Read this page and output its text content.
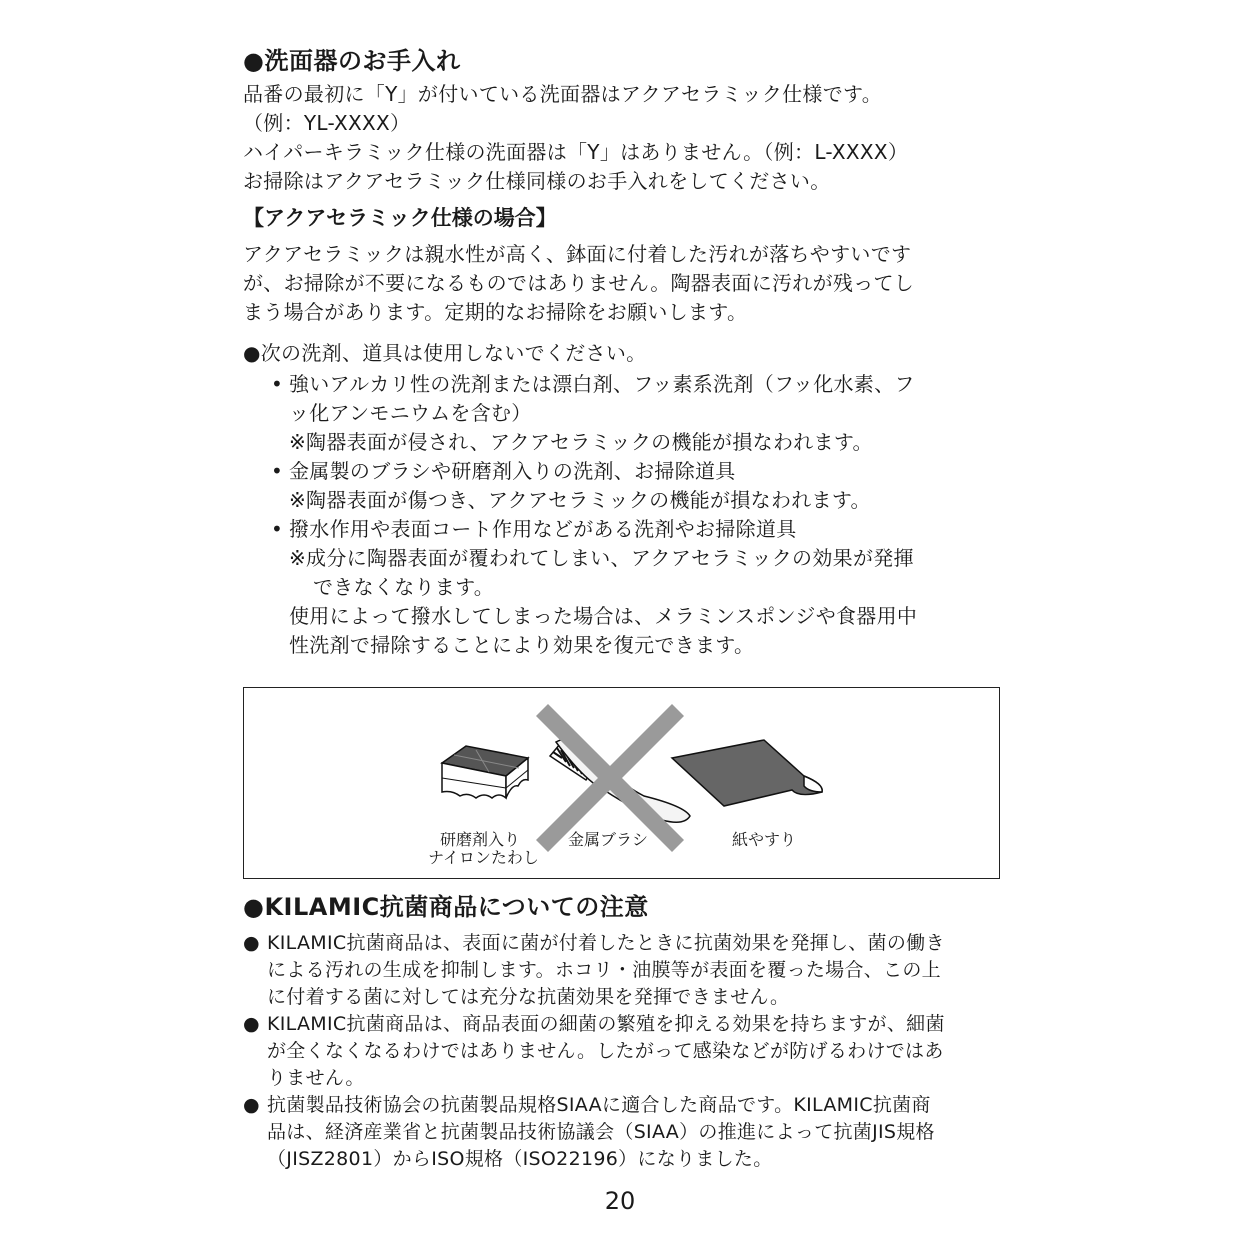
●洗面器のお手入れ
品番の最初に「Y」が付いている洗面器はアクアセラミック仕様です。
（例：YL-XXXX）
ハイパーキラミック仕様の洗面器は「Y」はありません。（例：L-XXXX）
お掃除はアクアセラミック仕様同様のお手入れをしてください。
【アクアセラミック仕様の場合】
アクアセラミックは親水性が高く、鉢面に付着した汚れが落ちやすいです
が、お掃除が不要になるものではありません。陶器表面に汚れが残ってし
まう場合があります。定期的なお掃除をお願いします。
●次の洗剤、道具は使用しないでください。
• 強いアルカリ性の洗剤または漂白剤、フッ素系洗剤（フッ化水素、フ
ッ化アンモニウムを含む）
※陶器表面が侵され、アクアセラミックの機能が損なわれます。
• 金属製のブラシや研磨剤入りの洗剤、お掃除道具
※陶器表面が傷つき、アクアセラミックの機能が損なわれます。
• 撥水作用や表面コート作用などがある洗剤やお掃除道具
※成分に陶器表面が覆われてしまい、アクアセラミックの効果が発揮
できなくなります。
使用によって撥水してしまった場合は、メラミンスポンジや食器用中
性洗剤で掃除することにより効果を復元できます。
研磨剤入り
ナイロンたわし
金属ブラシ	紙やすり
●KILAMIC抗菌商品についての注意
● KILAMIC抗菌商品は、表面に菌が付着したときに抗菌効果を発揮し、菌の働き
による汚れの生成を抑制します。ホコリ・油膜等が表面を覆った場合、この上
に付着する菌に対しては充分な抗菌効果を発揮できません。
● KILAMIC抗菌商品は、商品表面の細菌の繁殖を抑える効果を持ちますが、細菌
が全くなくなるわけではありません。したがって感染などが防げるわけではあ
りません。
● 抗菌製品技術協会の抗菌製品規格SIAAに適合した商品です。KILAMIC抗菌商
品は、経済産業省と抗菌製品技術協議会（SIAA）の推進によって抗菌JIS規格
（JISZ2801）からISO規格（ISO22196）になりました。
20
